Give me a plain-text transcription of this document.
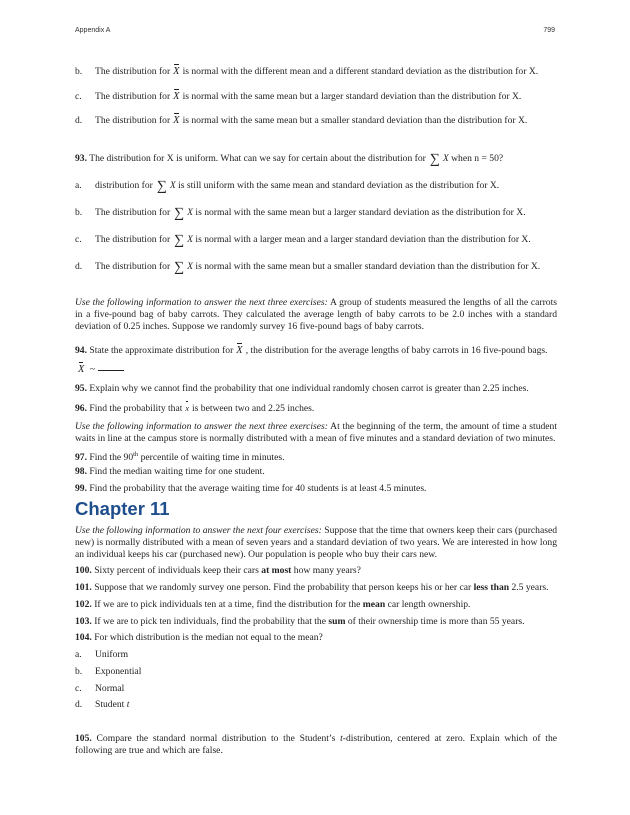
Appendix A	799
b. The distribution for X is normal with the different mean and a different standard deviation as the distribution for X.
c. The distribution for X is normal with the same mean but a larger standard deviation than the distribution for X.
d. The distribution for X is normal with the same mean but a smaller standard deviation than the distribution for X.
93. The distribution for X is uniform. What can we say for certain about the distribution for ∑ X when n = 50?
a. distribution for ∑ X is still uniform with the same mean and standard deviation as the distribution for X.
b. The distribution for ∑ X is normal with the same mean but a larger standard deviation as the distribution for X.
c. The distribution for ∑ X is normal with a larger mean and a larger standard deviation than the distribution for X.
d. The distribution for ∑ X is normal with the same mean but a smaller standard deviation than the distribution for X.
Use the following information to answer the next three exercises: A group of students measured the lengths of all the carrots in a five-pound bag of baby carrots. They calculated the average length of baby carrots to be 2.0 inches with a standard deviation of 0.25 inches. Suppose we randomly survey 16 five-pound bags of baby carrots.
94. State the approximate distribution for X , the distribution for the average lengths of baby carrots in 16 five-pound bags.
X ~
95. Explain why we cannot find the probability that one individual randomly chosen carrot is greater than 2.25 inches.
96. Find the probability that x is between two and 2.25 inches.
Use the following information to answer the next three exercises: At the beginning of the term, the amount of time a student waits in line at the campus store is normally distributed with a mean of five minutes and a standard deviation of two minutes.
97. Find the 90th percentile of waiting time in minutes.
98. Find the median waiting time for one student.
99. Find the probability that the average waiting time for 40 students is at least 4.5 minutes.
Chapter 11
Use the following information to answer the next four exercises: Suppose that the time that owners keep their cars (purchased new) is normally distributed with a mean of seven years and a standard deviation of two years. We are interested in how long an individual keeps his car (purchased new). Our population is people who buy their cars new.
100. Sixty percent of individuals keep their cars at most how many years?
101. Suppose that we randomly survey one person. Find the probability that person keeps his or her car less than 2.5 years.
102. If we are to pick individuals ten at a time, find the distribution for the mean car length ownership.
103. If we are to pick ten individuals, find the probability that the sum of their ownership time is more than 55 years.
104. For which distribution is the median not equal to the mean?
a. Uniform
b. Exponential
c. Normal
d. Student t
105. Compare the standard normal distribution to the Student’s t-distribution, centered at zero. Explain which of the following are true and which are false.
